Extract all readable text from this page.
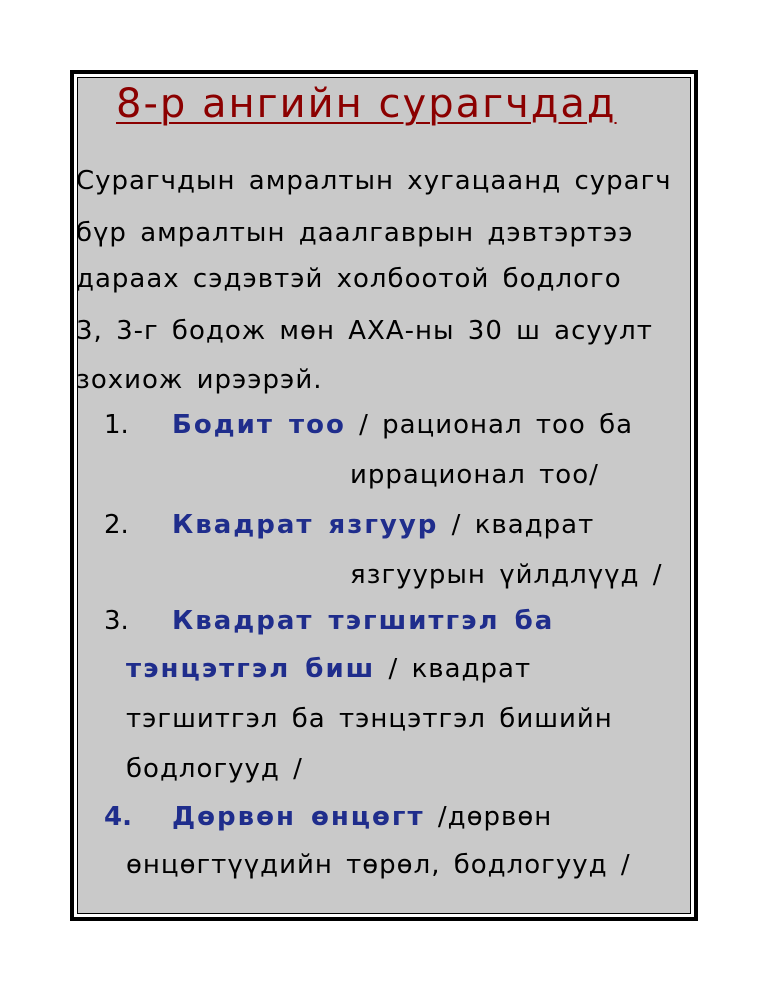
8-р ангийн сурагчдад
Сурагчдын амралтын хугацаанд сурагч
бүр амралтын даалгаврын дэвтэртээ
дараах сэдэвтэй холбоотой бодлого
3, 3-г бодож мөн АХА-ны 30 ш асуулт
зохиож ирээрэй.
1. Бодит тоо / рационал тоо ба
иррационал тоо/
2. Квадрат язгуур / квадрат
язгуурын үйлдлүүд /
3. Квадрат тэгшитгэл ба
тэнцэтгэл биш / квадрат
тэгшитгэл ба тэнцэтгэл бишийн
бодлогууд /
4. Дөрвөн өнцөгт /дөрвөн
өнцөгтүүдийн төрөл, бодлогууд /
